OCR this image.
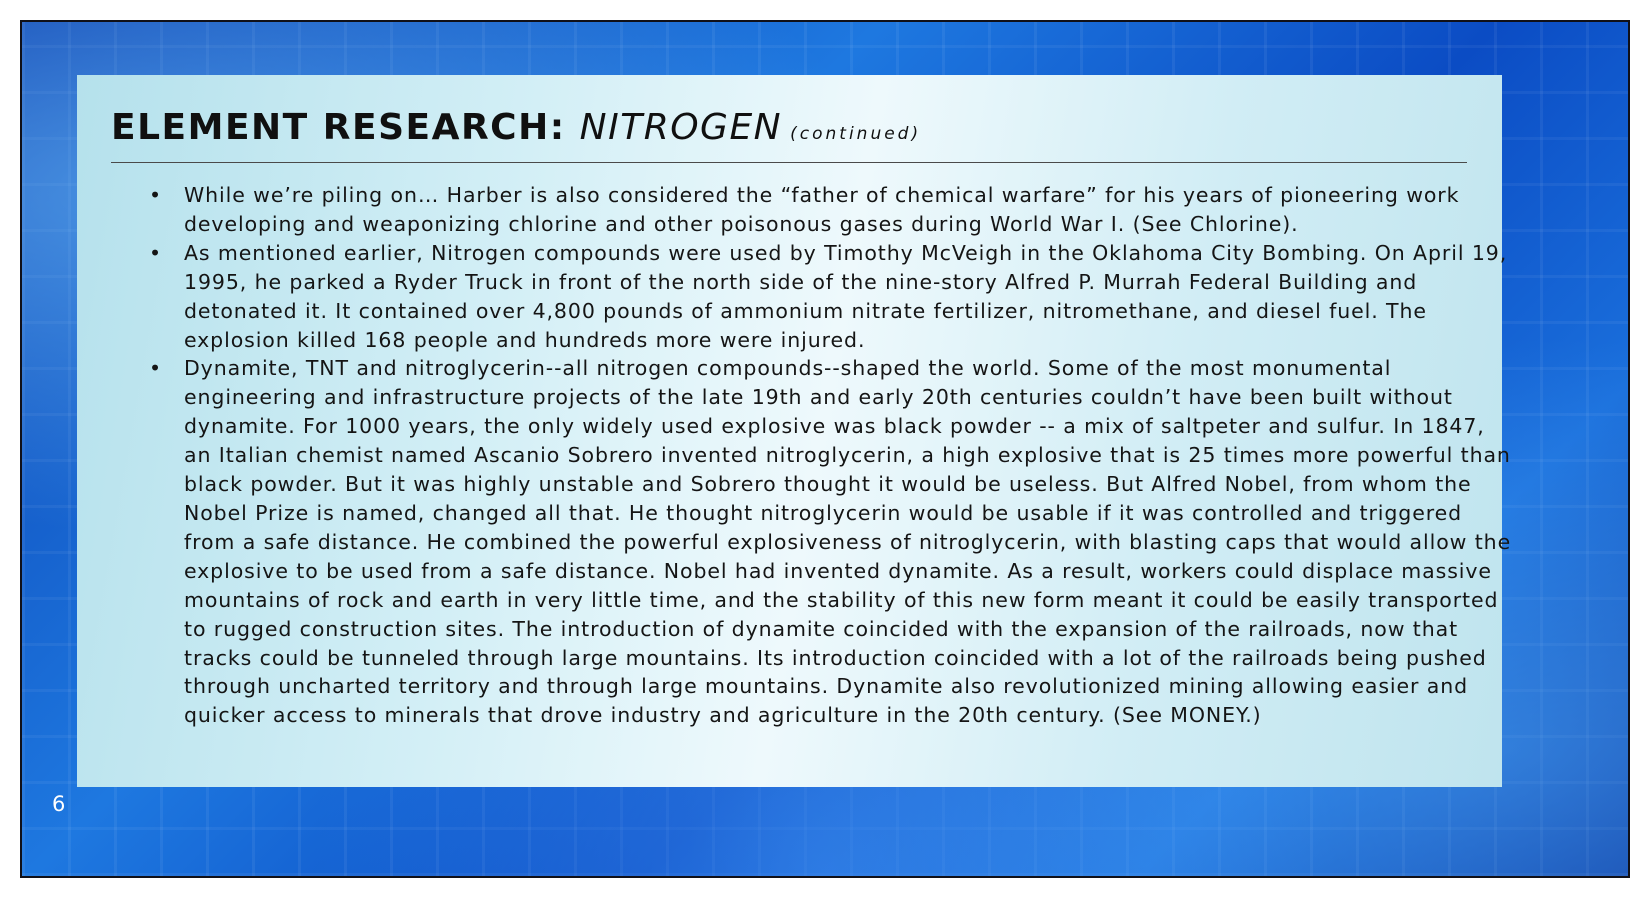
ELEMENT RESEARCH: NITROGEN (continued)
• While we’re piling on… Harber is also considered the “father of chemical warfare” for his years of pioneering work developing and weaponizing chlorine and other poisonous gases during World War I. (See Chlorine).
• As mentioned earlier, Nitrogen compounds were used by Timothy McVeigh in the Oklahoma City Bombing. On April 19, 1995, he parked a Ryder Truck in front of the north side of the nine-story Alfred P. Murrah Federal Building and detonated it. It contained over 4,800 pounds of ammonium nitrate fertilizer, nitromethane, and diesel fuel. The explosion killed 168 people and hundreds more were injured.
• Dynamite, TNT and nitroglycerin--all nitrogen compounds--shaped the world. Some of the most monumental engineering and infrastructure projects of the late 19th and early 20th centuries couldn’t have been built without dynamite. For 1000 years, the only widely used explosive was black powder -- a mix of saltpeter and sulfur. In 1847, an Italian chemist named Ascanio Sobrero invented nitroglycerin, a high explosive that is 25 times more powerful than black powder. But it was highly unstable and Sobrero thought it would be useless. But Alfred Nobel, from whom the Nobel Prize is named, changed all that. He thought nitroglycerin would be usable if it was controlled and triggered from a safe distance. He combined the powerful explosiveness of nitroglycerin, with blasting caps that would allow the explosive to be used from a safe distance. Nobel had invented dynamite. As a result, workers could displace massive mountains of rock and earth in very little time, and the stability of this new form meant it could be easily transported to rugged construction sites. The introduction of dynamite coincided with the expansion of the railroads, now that tracks could be tunneled through large mountains. Its introduction coincided with a lot of the railroads being pushed through uncharted territory and through large mountains. Dynamite also revolutionized mining allowing easier and quicker access to minerals that drove industry and agriculture in the 20th century. (See MONEY.)
6
